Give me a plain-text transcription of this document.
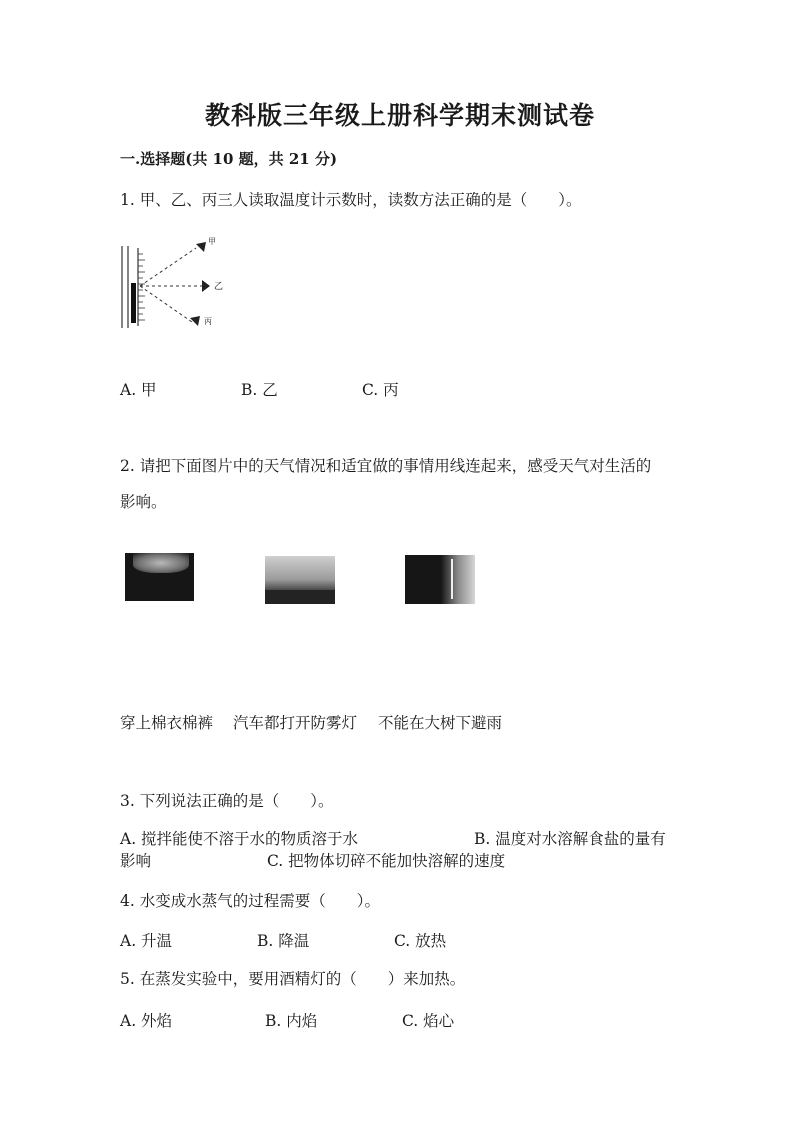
教科版三年级上册科学期末测试卷
一.选择题(共 10 题，共 21 分)
1. 甲、乙、丙三人读取温度计示数时，读数方法正确的是（　　）。
甲
乙
丙
A. 甲	B. 乙	C. 丙
2. 请把下面图片中的天气情况和适宜做的事情用线连起来，感受天气对生活的
影响。
穿上棉衣棉裤 汽车都打开防雾灯 不能在大树下避雨
3. 下列说法正确的是（　　）。
A. 搅拌能使不溶于水的物质溶于水	B. 温度对水溶解食盐的量有
影响	C. 把物体切碎不能加快溶解的速度
4. 水变成水蒸气的过程需要（　　）。
A. 升温	B. 降温	C. 放热
5. 在蒸发实验中，要用酒精灯的（　　）来加热。
A. 外焰	B. 内焰	C. 焰心
